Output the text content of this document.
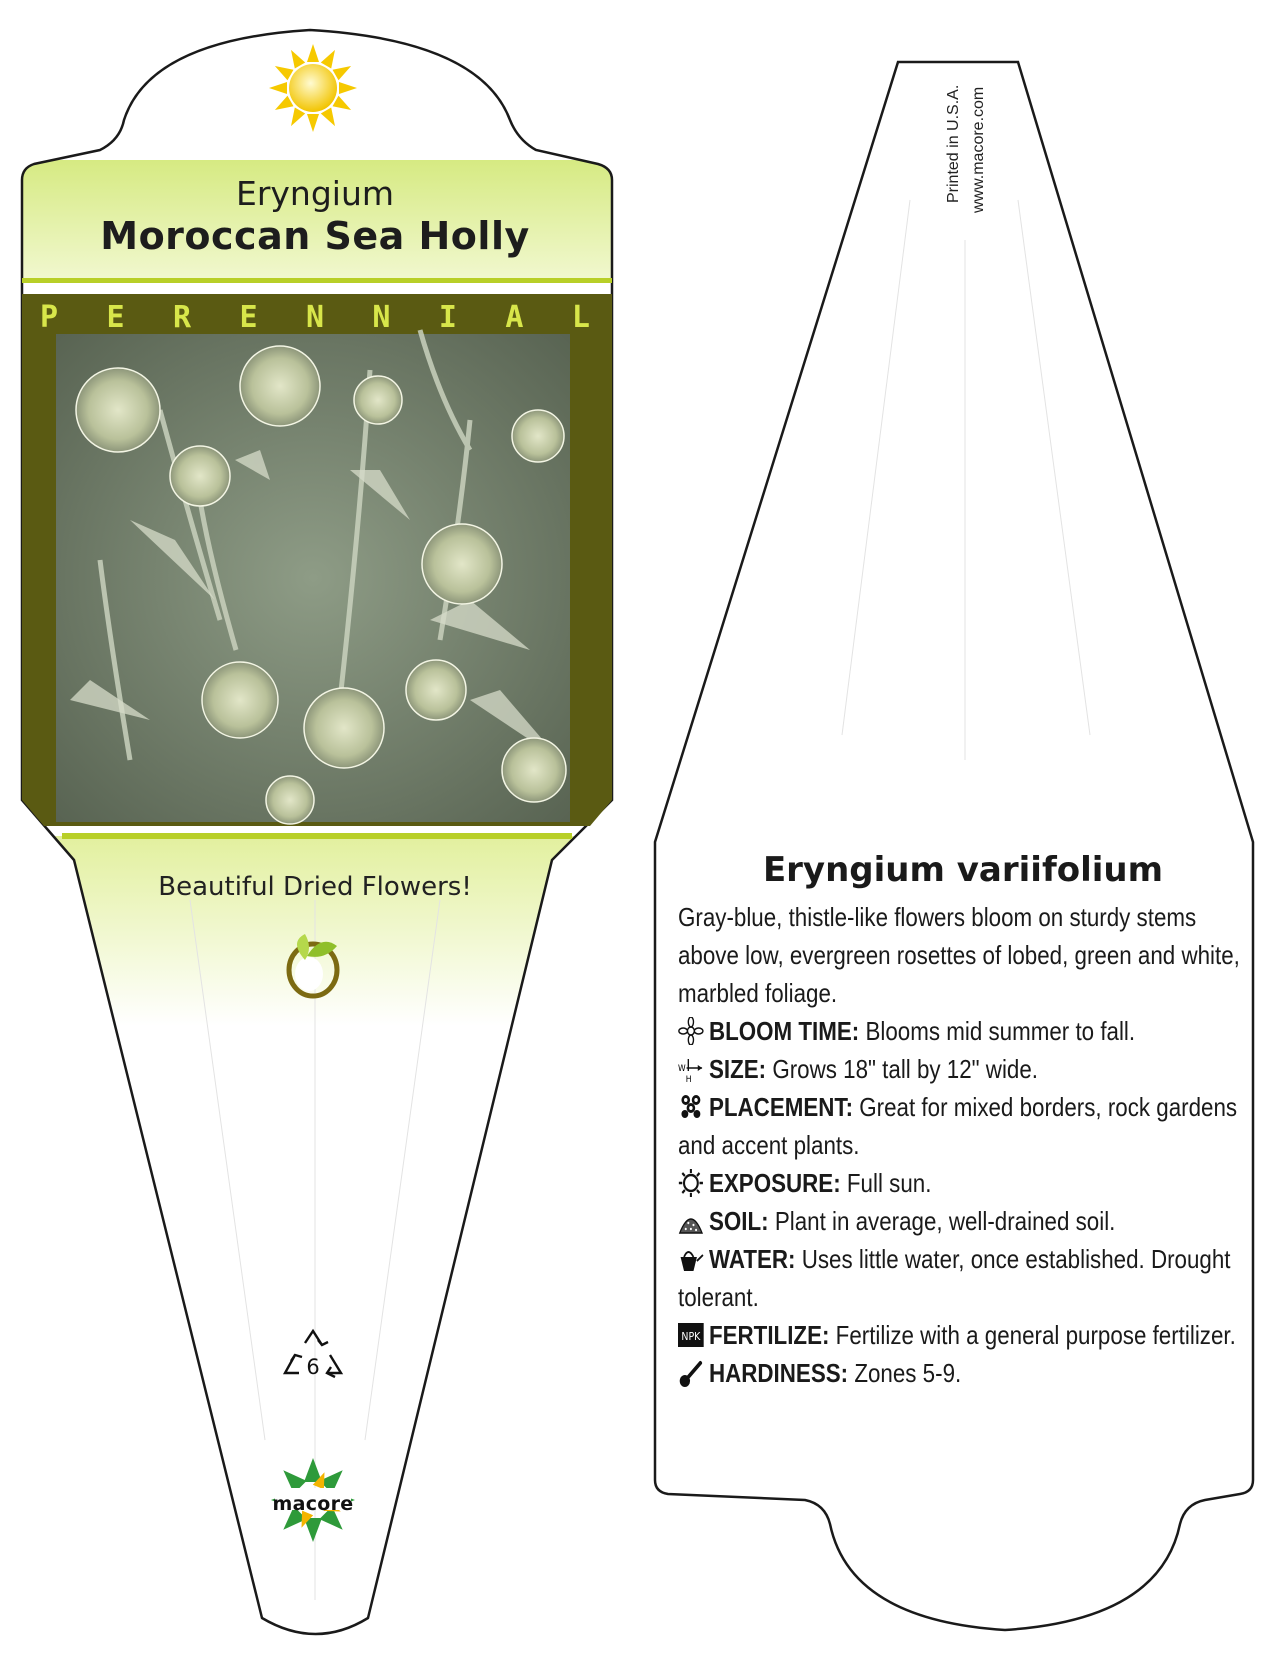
Eryngium
Moroccan Sea Holly
P E R E N N I A L
Beautiful Dried Flowers!
6
macore
Printed in U.S.A. www.macore.com
Eryngium variifolium

Gray-blue, thistle-like flowers bloom on sturdy stems above low, evergreen rosettes of lobed, green and white, marbled foliage.

BLOOM TIME: Blooms mid summer to fall.

W
H SIZE: Grows 18" tall by 12" wide.

PLACEMENT: Great for mixed borders, rock gardens and accent plants.

EXPOSURE: Full sun.

SOIL: Plant in average, well-drained soil.

WATER: Uses little water, once established. Drought tolerant.

NPK FERTILIZE: Fertilize with a general purpose fertilizer.

HARDINESS: Zones 5-9.
